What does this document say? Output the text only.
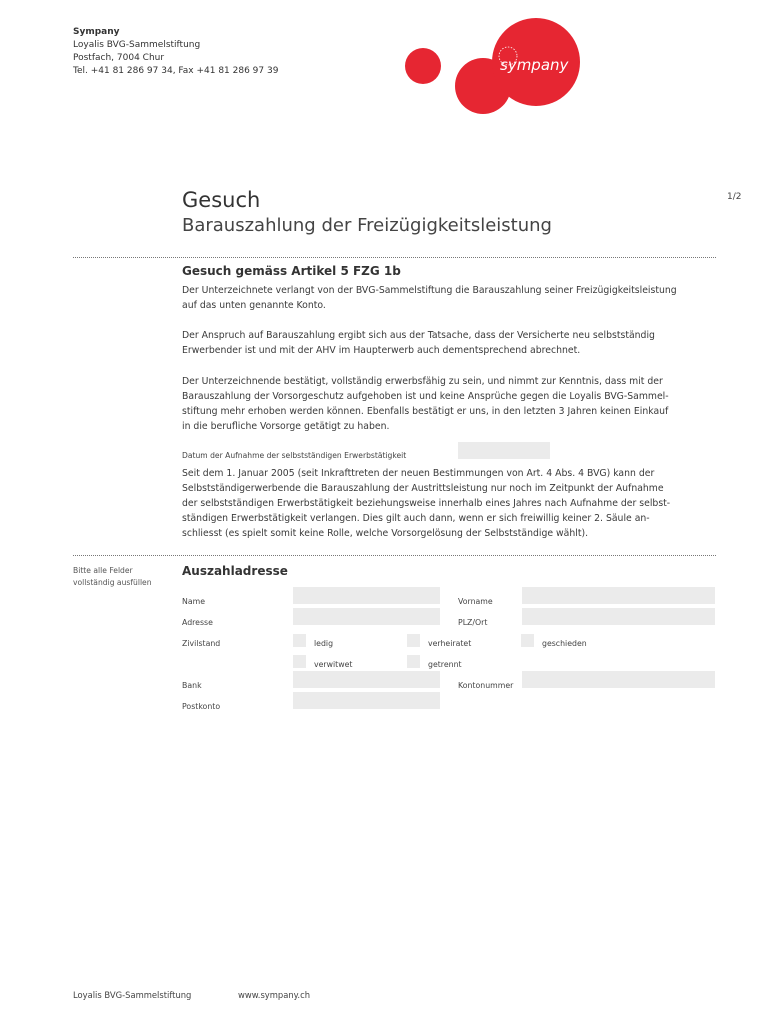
Sympany
Loyalis BVG-Sammelstiftung
Postfach, 7004 Chur
Tel. +41 81 286 97 34, Fax +41 81 286 97 39	sympany
1/2
Gesuch
Barauszahlung der Freizügigkeitsleistung
Gesuch gemäss Artikel 5 FZG 1b
Der Unterzeichnete verlangt von der BVG-Sammelstiftung die Barauszahlung seiner Freizügigkeitsleistung
auf das unten genannte Konto.
Der Anspruch auf Barauszahlung ergibt sich aus der Tatsache, dass der Versicherte neu selbstständig
Erwerbender ist und mit der AHV im Haupterwerb auch dementsprechend abrechnet.
Der Unterzeichnende bestätigt, vollständig erwerbsfähig zu sein, und nimmt zur Kenntnis, dass mit der
Barauszahlung der Vorsorgeschutz aufgehoben ist und keine Ansprüche gegen die Loyalis BVG-Sammel-
stiftung mehr erhoben werden können. Ebenfalls bestätigt er uns, in den letzten 3 Jahren keinen Einkauf
in die berufliche Vorsorge getätigt zu haben.
Datum der Aufnahme der selbstständigen Erwerbstätigkeit
Seit dem 1. Januar 2005 (seit Inkrafttreten der neuen Bestimmungen von Art. 4 Abs. 4 BVG) kann der
Selbstständigerwerbende die Barauszahlung der Austrittsleistung nur noch im Zeitpunkt der Aufnahme
der selbstständigen Erwerbstätigkeit beziehungsweise innerhalb eines Jahres nach Aufnahme der selbst-
ständigen Erwerbstätigkeit verlangen. Dies gilt auch dann, wenn er sich freiwillig keiner 2. Säule an-
schliesst (es spielt somit keine Rolle, welche Vorsorgelösung der Selbstständige wählt).
Bitte alle Felder
vollständig ausfüllen
Auszahladresse
Name	Vorname
Adresse	PLZ/Ort
Zivilstand	ledig	verheiratet	geschieden
verwitwet	getrennt
Bank	Kontonummer
Postkonto
Loyalis BVG-Sammelstiftung	www.sympany.ch
